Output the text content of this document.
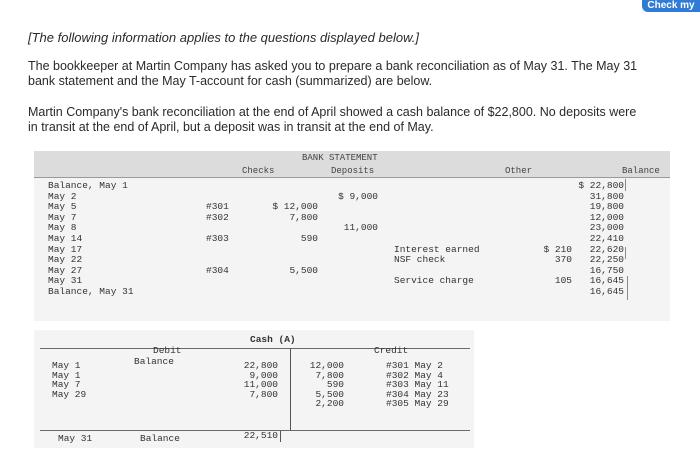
Check my
[The following information applies to the questions displayed below.]
The bookkeeper at Martin Company has asked you to prepare a bank reconciliation as of May 31. The May 31 bank statement and the May T-account for cash (summarized) are below.
Martin Company's bank reconciliation at the end of April showed a cash balance of $22,800. No deposits were in transit at the end of April, but a deposit was in transit at the end of May.
BANK STATEMENT
Checks	Deposits	Other	Balance
Balance, May 1	$ 22,800
May 2	$ 9,000	31,800
May 5	#301	$ 12,000	19,800
May 7	#302	7,800	12,000
May 8	11,000	23,000
May 14	#303	590	22,410
May 17	Interest earned	$ 210	22,620
May 22	NSF check	370	22,250
May 27	#304	5,500	16,750
May 31	Service charge	105	16,645
Balance, May 31	16,645
Cash (A)
Debit
Balance
Credit
May 1	22,800
May 1	9,000
May 7	11,000
May 29	7,800
12,000	#301 May 2
7,800	#302 May 4
590	#303 May 11
5,500	#304 May 23
2,200	#305 May 29
May 31	Balance	22,510
